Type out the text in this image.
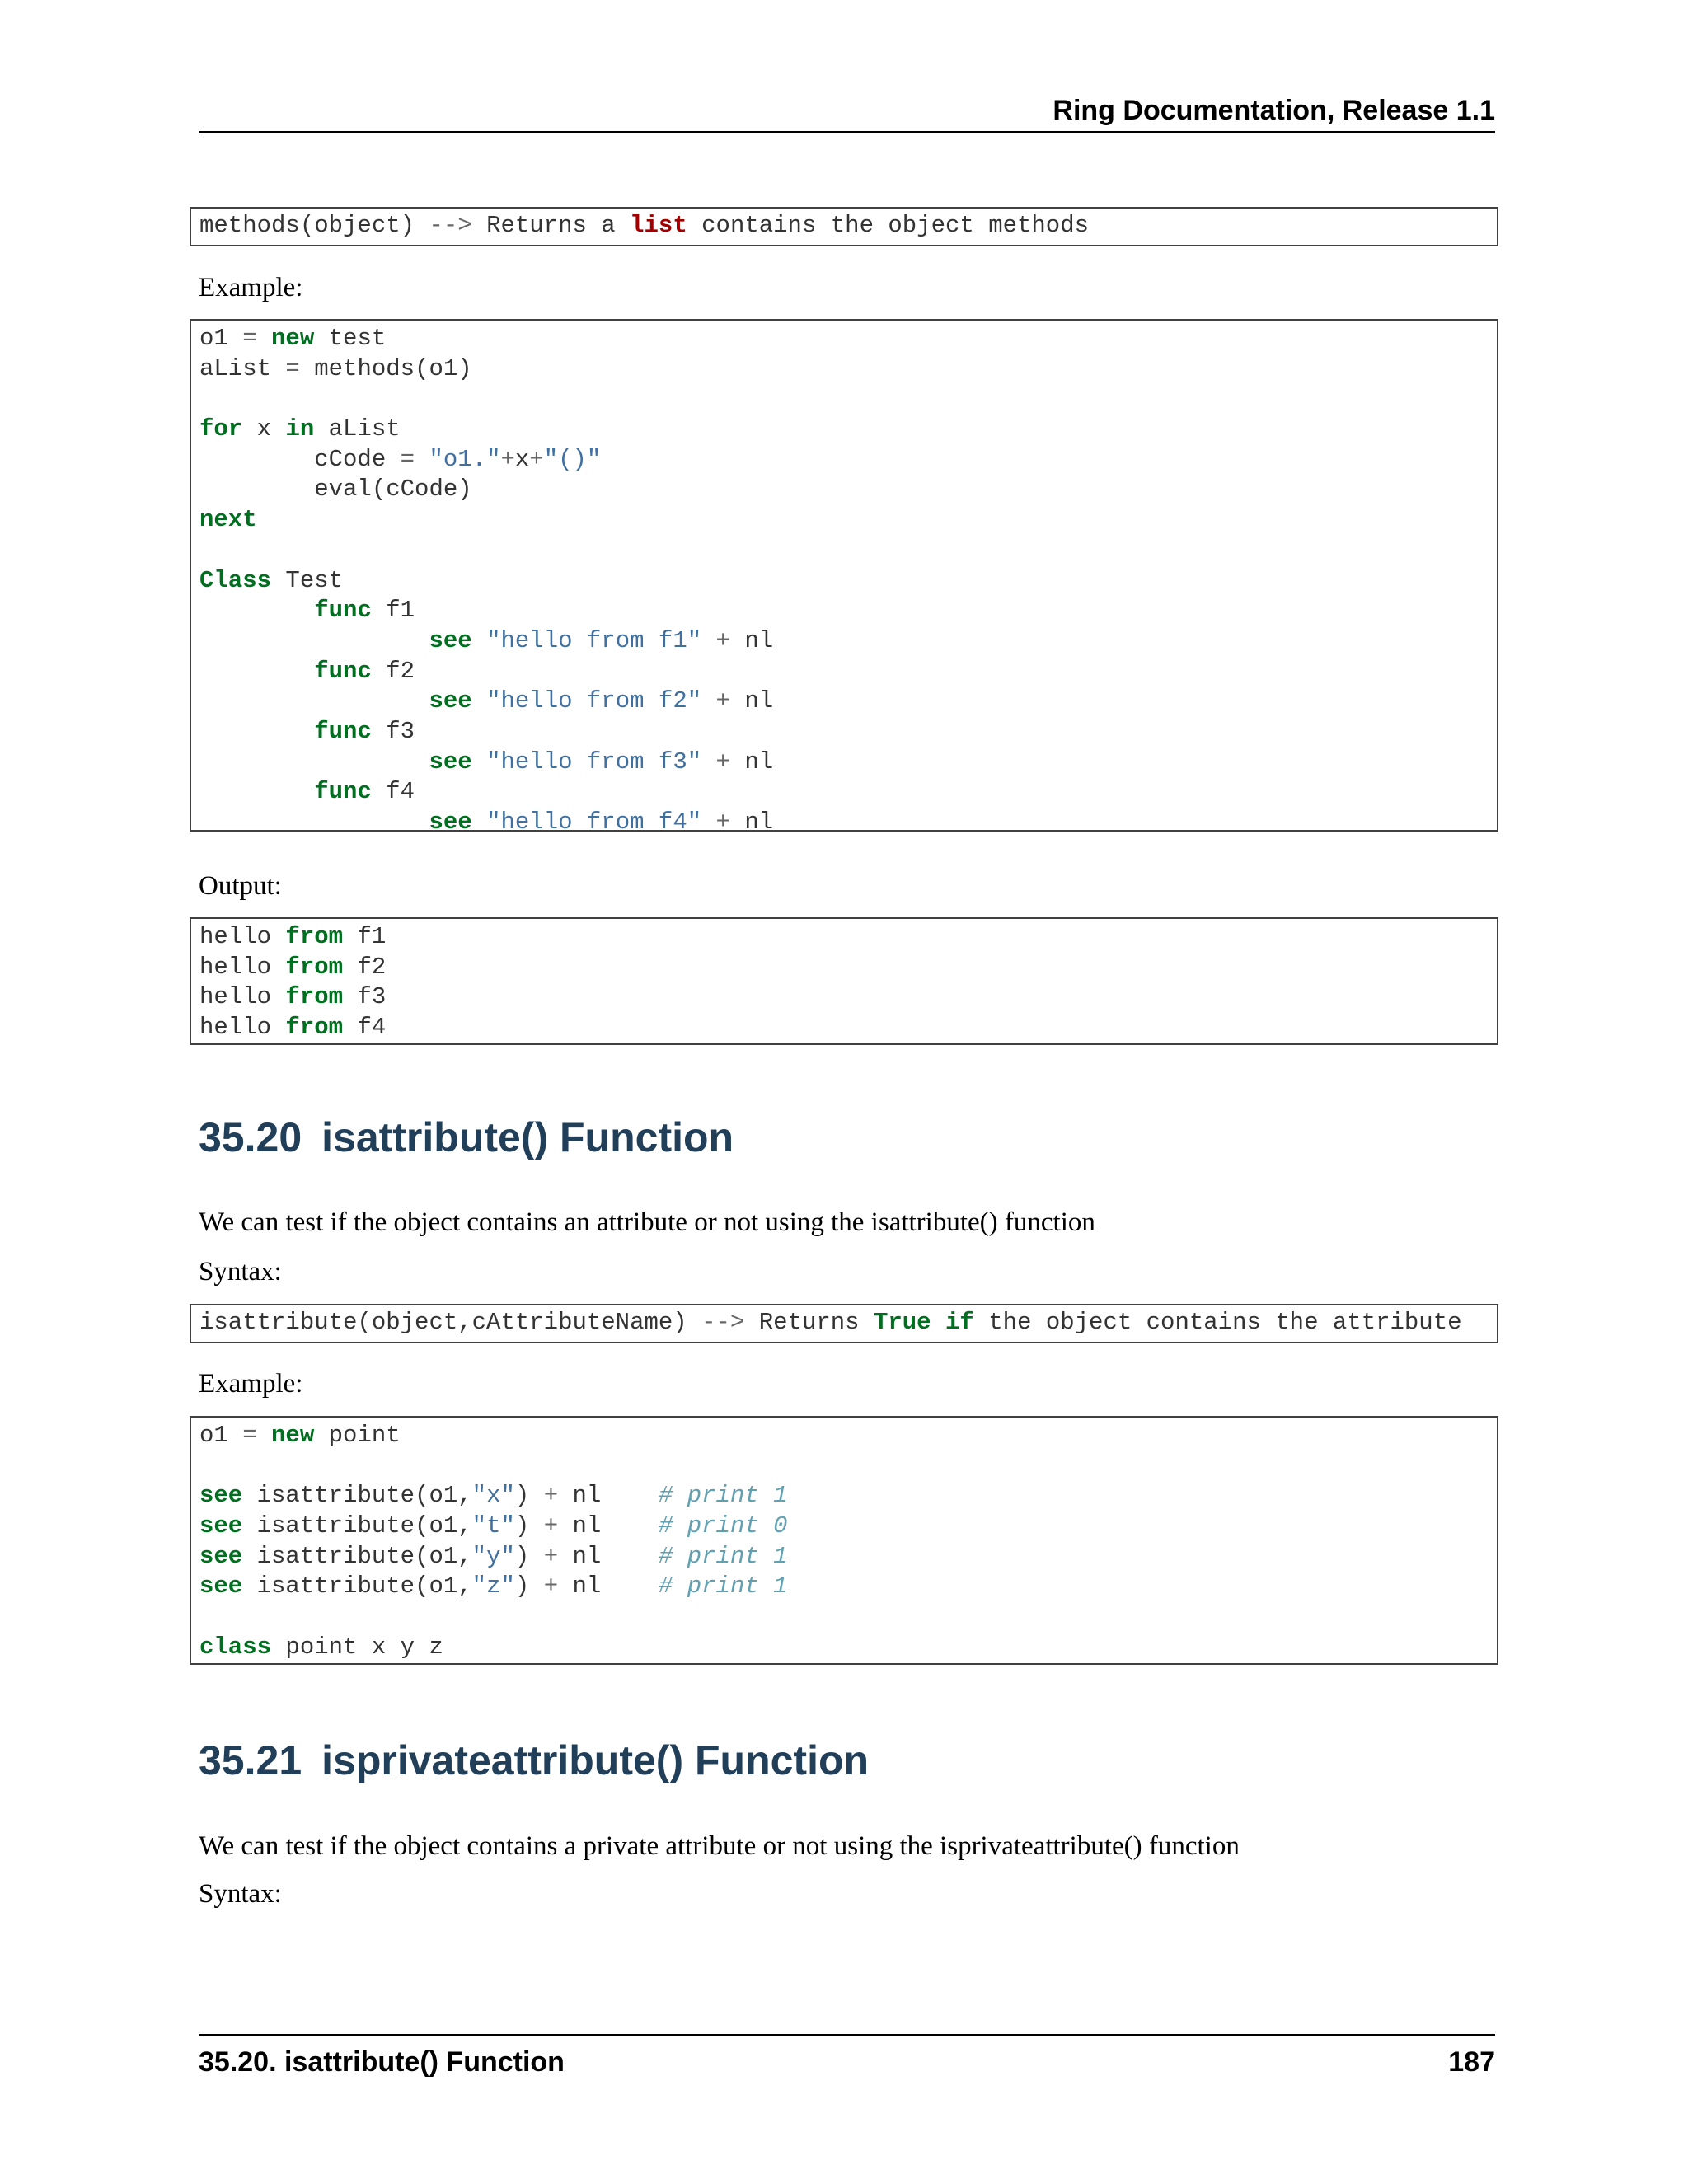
Ring Documentation, Release 1.1
methods(object) --> Returns a list contains the object methods
Example:
o1 = new test
aList = methods(o1)
for x in aList
cCode = "o1."+x+"()"
eval(cCode)
next
Class Test
func f1
see "hello from f1" + nl
func f2
see "hello from f2" + nl
func f3
see "hello from f3" + nl
func f4
see "hello from f4" + nl
Output:
hello from f1
hello from f2
hello from f3
hello from f4
35.20 isattribute() Function
We can test if the object contains an attribute or not using the isattribute() function
Syntax:
isattribute(object,cAttributeName) --> Returns True if the object contains the attribute
Example:
o1 = new point
see isattribute(o1,"x") + nl    # print 1
see isattribute(o1,"t") + nl    # print 0
see isattribute(o1,"y") + nl    # print 1
see isattribute(o1,"z") + nl    # print 1
class point x y z
35.21 isprivateattribute() Function
We can test if the object contains a private attribute or not using the isprivateattribute() function
Syntax:
35.20. isattribute() Function	187
